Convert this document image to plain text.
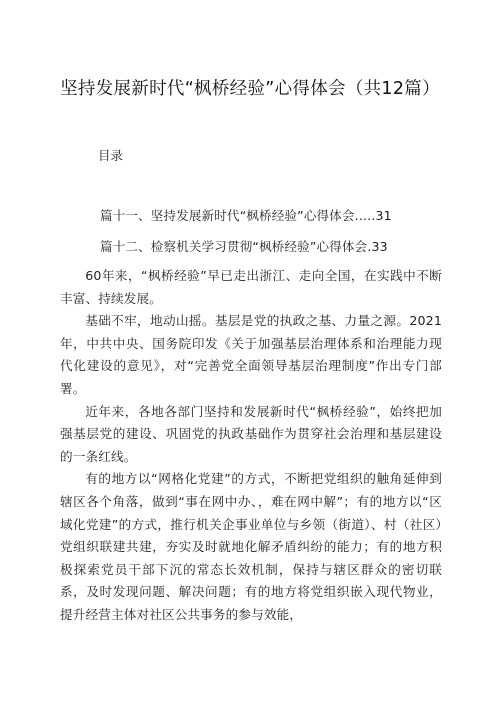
坚持发展新时代“枫桥经验”心得体会（共12篇）
目录
篇十一、坚持发展新时代“枫桥经验”心得体会.....31
篇十二、检察机关学习贯彻“枫桥经验”心得体会.33

60年来，“枫桥经验”早已走出浙江、走向全国，在实践中不断丰富、持续发展。

基础不牢，地动山摇。基层是党的执政之基、力量之源。2021年，中共中央、国务院印发《关于加强基层治理体系和治理能力现代化建设的意见》，对“完善党全面领导基层治理制度”作出专门部署。

近年来，各地各部门坚持和发展新时代“枫桥经验”，始终把加强基层党的建设、巩固党的执政基础作为贯穿社会治理和基层建设的一条红线。

有的地方以“网格化党建”的方式，不断把党组织的触角延伸到辖区各个角落，做到“事在网中办、，难在网中解”；有的地方以“区域化党建”的方式，推行机关企事业单位与乡领（街道）、村（社区）党组织联建共建，夯实及时就地化解矛盾纠纷的能力；有的地方积极探索党员干部下沉的常态长效机制，保持与辖区群众的密切联系，及时发现问题、解决问题；有的地方将党组织嵌入现代物业，提升经营主体对社区公共事务的参与效能，
